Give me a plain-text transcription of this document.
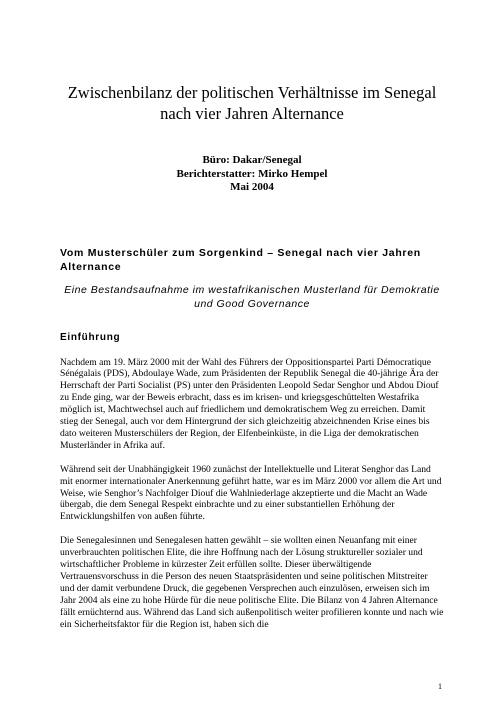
Zwischenbilanz der politischen Verhältnisse im Senegal
nach vier Jahren Alternance
Büro: Dakar/Senegal
Berichterstatter: Mirko Hempel
Mai 2004
Vom Musterschüler zum Sorgenkind – Senegal nach vier Jahren Alternance
Eine Bestandsaufnahme im westafrikanischen Musterland für Demokratie
und Good Governance
Einführung

Nachdem am 19. März 2000 mit der Wahl des Führers der Oppositionspartei Parti Démocratique Sénégalais (PDS), Abdoulaye Wade, zum Präsidenten der Republik Senegal die 40-jährige Ära der Herrschaft der Parti Socialist (PS) unter den Präsidenten Leopold Sedar Senghor und Abdou Diouf zu Ende ging, war der Beweis erbracht, dass es im krisen- und kriegsgeschüttelten Westafrika möglich ist, Machtwechsel auch auf friedlichem und demokratischem Weg zu erreichen. Damit stieg der Senegal, auch vor dem Hintergrund der sich gleichzeitig abzeichnenden Krise eines bis dato weiteren Musterschülers der Region, der Elfenbeinküste, in die Liga der demokratischen Musterländer in Afrika auf.

Während seit der Unabhängigkeit 1960 zunächst der Intellektuelle und Literat Senghor das Land mit enormer internationaler Anerkennung geführt hatte, war es im März 2000 vor allem die Art und Weise, wie Senghor’s Nachfolger Diouf die Wahlniederlage akzeptierte und die Macht an Wade übergab, die dem Senegal Respekt einbrachte und zu einer substantiellen Erhöhung der Entwicklungshilfen von außen führte.

Die Senegalesinnen und Senegalesen hatten gewählt – sie wollten einen Neuanfang mit einer unverbrauchten politischen Elite, die ihre Hoffnung nach der Lösung struktureller sozialer und wirtschaftlicher Probleme in kürzester Zeit erfüllen sollte. Dieser überwältigende Vertrauensvorschuss in die Person des neuen Staatspräsidenten und seine politischen Mitstreiter und der damit verbundene Druck, die gegebenen Versprechen auch einzulösen, erweisen sich im Jahr 2004 als eine zu hohe Hürde für die neue politische Elite. Die Bilanz von 4 Jahren Alternance fällt ernüchternd aus. Während das Land sich außenpolitisch weiter profilieren konnte und nach wie ein Sicherheitsfaktor für die Region ist, haben sich die

1
